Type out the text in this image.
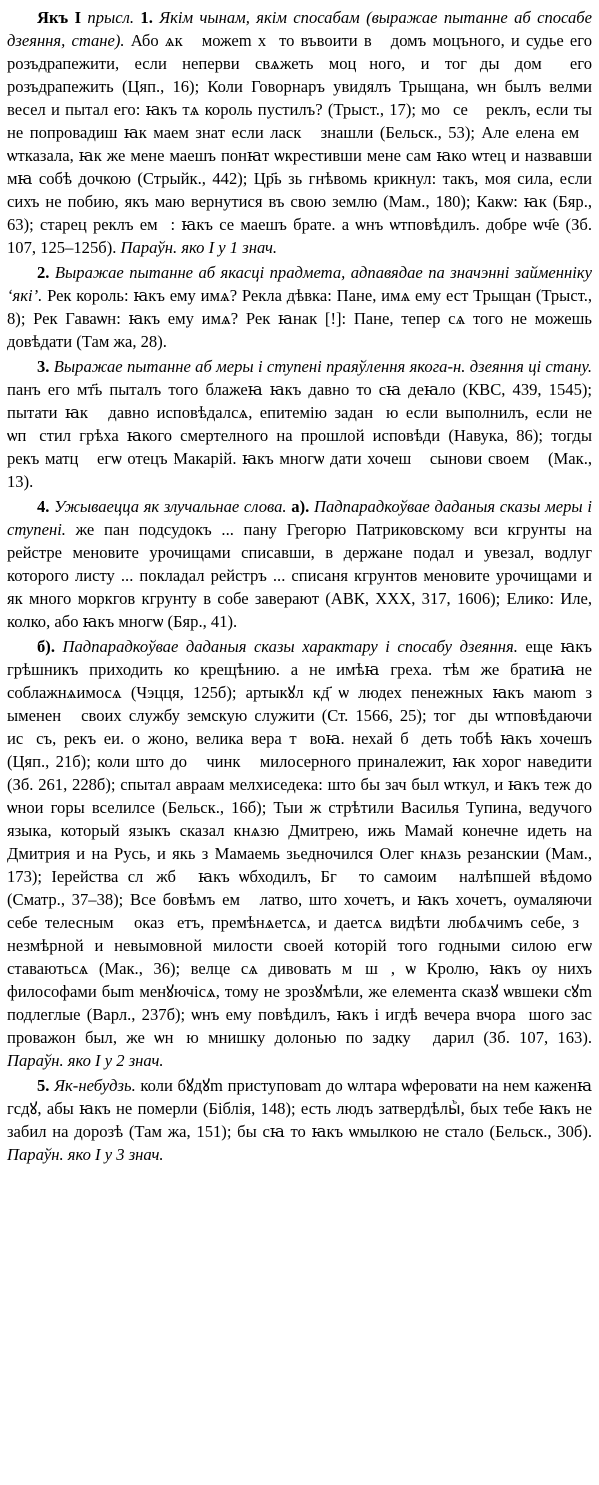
Якъ І прысл. 1. Якім чынам, якім спосабам (выражае пытанне аб спосабе дзеяння, стане). Або ѧкꙸ можеm хꙸто въвоити вꙸ домъ моцънoго, и судье его розъдрапежити, если неперви свѧжеть моцꙸного, и тогꙸды домꙸ его розъдрапежить (Цяп., 16); Коли Говорнаръ увидялъ Трыщана, ѡн былъ велми весел и пытал его: ꙗкъ тѧ король пустилъ? (Трыст., 17); моꙸсеꙸ реклъ, если ты не попровадиш ꙗк маем знат если ласкꙋ знашли (Бельск., 53); Але елена емꙋ ѡтказала, ꙗк же мене маешъ понꙗт ѡкрестивши мене сам ꙗко ѡтец и назвавши мꙗ собѣ дочкою (Стрыйк., 442); Цр҃ь зь гнѣвомь крикнул: такъ, моя сила, если сихъ не побию, якъ маю вернутися въ свою землю (Мам., 180); Какѡ: ꙗк (Бяр., 63); старец реклъ емꙋ: ꙗкъ се маешъ брате. а ѡнъ ѡтповѣдилъ. добре ѡч҃е (Зб. 107, 125–125б). Параўн. яко І у 1 знач.

2. Выражае пытанне аб якасці прадмета, адпавядае па значэнні займенніку ‘які’. Рек король: ꙗкъ ему имѧ? Рекла дѣвка: Пане, имѧ ему ест Трыщан (Трыст., 8); Рек Гаваѡн: ꙗкъ ему имѧ? Рек ꙗнак [!]: Пане, тепер сѧ того не можешь довѣдати (Там жа, 28).

3. Выражае пытанне аб меры і ступені праяўлення якога-н. дзеяння ці стану. панъ его мт҃ь пыталъ того блажеꙗ ꙗкъ давно то сꙗ деꙗло (КВС, 439, 1545); пытати ꙗкꙸ давно исповѣдалсѧ, епитемію заданꙋю если выполнилъ, если не ѡпꙋстил грѣха ꙗкого смертелного на прошлой исповѣди (Навука, 86); тогды рекъ матцꙸ егѡ отецъ Макарій. ꙗкъ многѡ дати хочешꙸ сынови своемꙋ (Мак., 13).

4. Ужываецца як злучальнае слова. а). Падпарадкоўвае даданыя сказы меры і ступені. же пан подсудокъ ... пану Грегорю Патриковскому вси кгрунты на рейстре меновите урочищами списавши, в держане подал и увезал, водлуг которого листу ... покладал рейстръ ... списаня кгрунтов меновите урочищами и як много моркгов кгрунту в собе заверают (АВК, ХХХ, 317, 1606); Елико: Иле, колко, або ꙗкъ многѡ (Бяр., 41).

б). Падпарадкоўвае даданыя сказы характару і спосабу дзеяння. еще ꙗкъ грѣшникъ приходить ко крещѣнию. а не имѣꙗ греха. тѣм же братиꙗ не соблажнѧимосѧ (Чэцця, 125б); артыкꙋл кд҃ ѡ людех пенежных ꙗкъ маюm з ымененꙸ своих службу земскую служити (Ст. 1566, 25); тогꙸды ѡтповѣдаючи исꙋсъ, рекъ еи. о жоно, велика вера тꙸвоꙗ. нехай бꙋдеть тобѣ ꙗкъ хочешъ (Цяп., 21б); коли што до ꙋчинкꙋ милосерного приналежит, ꙗк хорог наведити (Зб. 261, 228б); спытал авраам мелхиседека: што бы зач был ѡткул, и ꙗкъ теж до ѡнои горы вселилсе (Бельск., 16б); Тыи ж стрѣтили Василья Тупина, ведучого языка, который языкъ сказал кнѧзю Дмитрею, ижь Мамай конечне идеть на Дмитрия и на Русь, и якь з Мамаемь зьедночился Олег кнѧзь резанскии (Мам., 173); Іерейства слꙋжбꙋ ꙗкъ ѡбходилъ, Бгꙋ то самоимꙋ налѣпшей вѣдомо (Сматр., 37–38); Все бовѣмъ емꙋ латво, што хочетъ, и ꙗкъ хочетъ, оумаляючи себе телеснымꙸ оказꙋетъ, премѣнѧетсѧ, и даетсѧ видѣти любѧчимъ себе, зꙸ незмѣрной и невымовной милости своей которій того годными силою егѡ ставаютьсѧ (Мак., 36); велце сѧ дивовать мꙋшꙋ, ѡ Кролю, ꙗкъ оу нихъ философами быm менꙋючісѧ, тому не зрозꙋмѣли, же елемента сказꙋ ѡвшеки сꙋm подлеглые (Варл., 237б); ѡнъ ему повѣдилъ, ꙗкъ і игдѣ вечера вчораꙸшого зас проважон был, же ѡнꙋю мнишку долонью по задку ꙋдарил (Зб. 107, 163). Параўн. яко І у 2 знач.

5. Як-небудзь. коли бꙋдꙋm приступоваm до ѡлтара ѡферовати на нем каженꙗ гсдꙋ, абы ꙗкъ не померли (Біблія, 148); есть людъ затвердѣлыꙸ, быx тебе ꙗкъ не забил на дорозѣ (Там жа, 151); бы сꙗ то ꙗкъ ѡмылкою не стало (Бельск., 30б). Параўн. яко І у 3 знач.
